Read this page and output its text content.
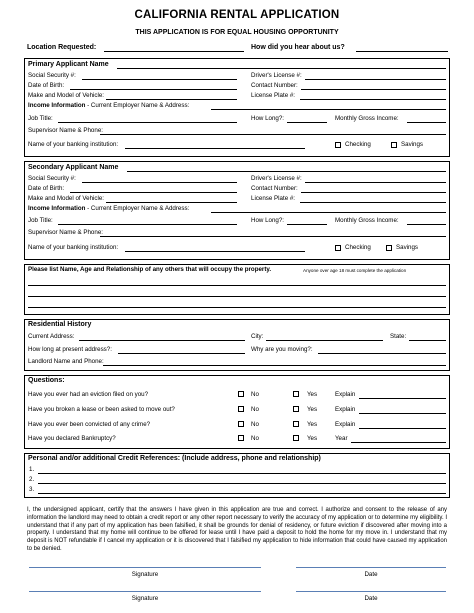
CALIFORNIA RENTAL APPLICATION
THIS APPLICATION IS FOR EQUAL HOUSING OPPORTUNITY
Location Requested:	How did you hear about us?
Primary Applicant Name
Social Security #:	Driver's License #:
Date of Birth:	Contact Number:
Make and Model of Vehicle:	License Plate #:
Income Information - Current Employer Name & Address:
Job Title:	How Long?:	Monthly Gross Income:
Supervisor Name & Phone:
Name of your banking institution:	Checking	Savings
Secondary Applicant Name
Social Security #:	Driver's License #:
Date of Birth:	Contact Number:
Make and Model of Vehicle:	License Plate #:
Income Information - Current Employer Name & Address:
Job Title:	How Long?:	Monthly Gross Income:
Supervisor Name & Phone:
Name of your banking institution:	Checking	Savings
Please list Name, Age and Relationship of any others that will occupy the property.	Anyone over age 18 must complete the application
Residential History
Current Address:	City:	State:
How long at present address?:	Why are you moving?:
Landlord Name and Phone:
Questions:
Have you ever had an eviction filed on you?	No	Yes	Explain
Have you broken a lease or been asked to move out?	No	Yes	Explain
Have you ever been convicted of any crime?	No	Yes	Explain
Have you declared Bankruptcy?	No	Yes	Year
Personal and/or additional Credit References: (Include address, phone and relationship)
1.
2.
3.
I, the undersigned applicant, certify that the answers I have given in this application are true and correct. I authorize and consent to the release of any information the landlord may need to obtain a credit report or any other report necessary to verify the accuracy of my application or to determine my eligibility. I understand that if any part of my application has been falsified, it shall be grounds for denial of residency, or future eviction if discovered after moving into a property. I understand that my home will continue to be offered for lease until I have paid a deposit to hold the home for my move in. I understand that my deposit is NOT refundable if I cancel my application or it is discovered that I falsified my application to hide information that could have caused my application to be denied.
Signature	Date
Signature	Date
